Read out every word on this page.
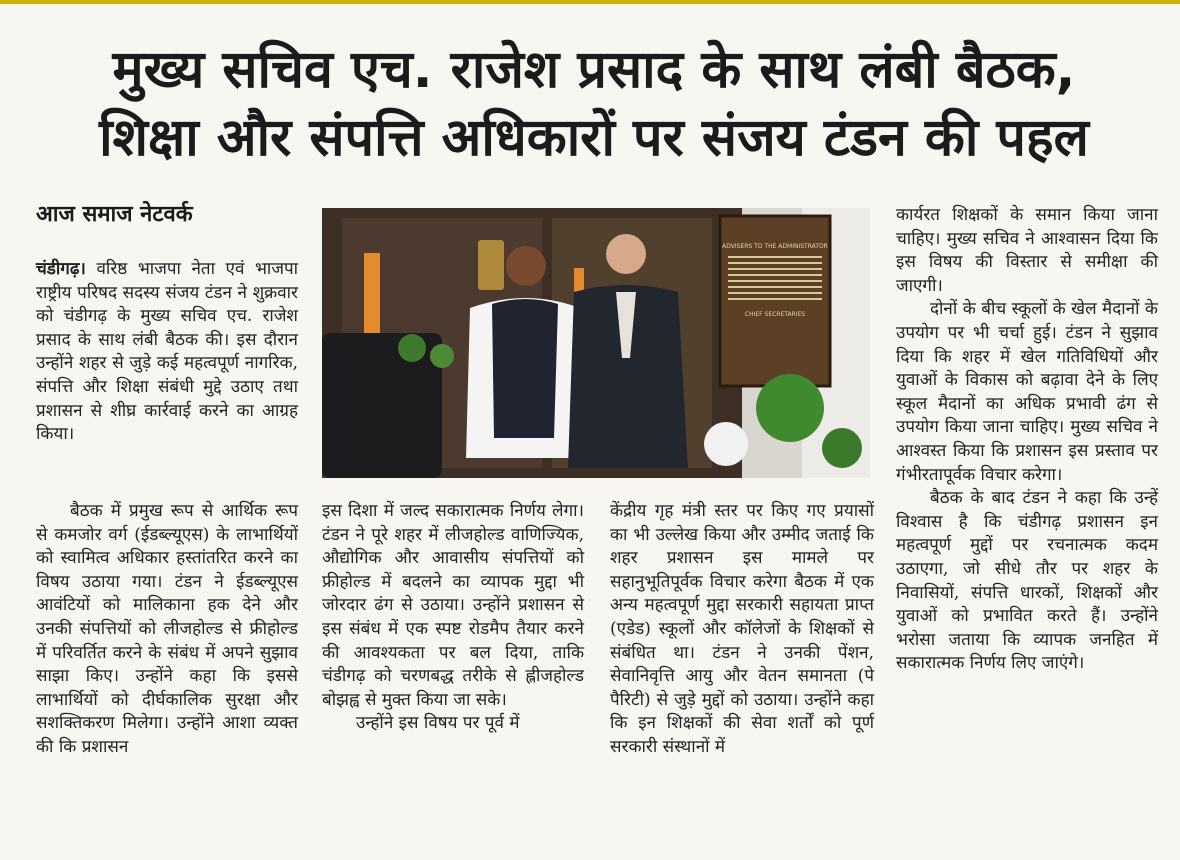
मुख्य सचिव एच. राजेश प्रसाद के साथ लंबी बैठक,
शिक्षा और संपत्ति अधिकारों पर संजय टंडन की पहल
आज समाज नेटवर्क
ADVISERS TO THE ADMINISTRATOR
CHIEF SECRETARIES

चंडीगढ़। वरिष्ठ भाजपा नेता एवं भाजपा राष्ट्रीय परिषद सदस्य संजय टंडन ने शुक्रवार को चंडीगढ़ के मुख्य सचिव एच. राजेश प्रसाद के साथ लंबी बैठक की। इस दौरान उन्होंने शहर से जुड़े कई महत्वपूर्ण नागरिक, संपत्ति और शिक्षा संबंधी मुद्दे उठाए तथा प्रशासन से शीघ्र कार्रवाई करने का आग्रह किया।

बैठक में प्रमुख रूप से आर्थिक रूप से कमजोर वर्ग (ईडब्ल्यूएस) के लाभार्थियों को स्वामित्व अधिकार हस्तांतरित करने का विषय उठाया गया। टंडन ने ईडब्ल्यूएस आवंटियों को मालिकाना हक देने और उनकी संपत्तियों को लीजहोल्ड से फ्रीहोल्ड में परिवर्तित करने के संबंध में अपने सुझाव साझा किए। उन्होंने कहा कि इससे लाभार्थियों को दीर्घकालिक सुरक्षा और सशक्तिकरण मिलेगा। उन्होंने आशा व्यक्त की कि प्रशासन

इस दिशा में जल्द सकारात्मक निर्णय लेगा। टंडन ने पूरे शहर में लीजहोल्ड वाणिज्यिक, औद्योगिक और आवासीय संपत्तियों को फ्रीहोल्ड में बदलने का व्यापक मुद्दा भी जोरदार ढंग से उठाया। उन्होंने प्रशासन से इस संबंध में एक स्पष्ट रोडमैप तैयार करने की आवश्यकता पर बल दिया, ताकि चंडीगढ़ को चरणबद्ध तरीके से ह्लीजहोल्ड बोझह्व से मुक्त किया जा सके।

उन्होंने इस विषय पर पूर्व में

केंद्रीय गृह मंत्री स्तर पर किए गए प्रयासों का भी उल्लेख किया और उम्मीद जताई कि शहर प्रशासन इस मामले पर सहानुभूतिपूर्वक विचार करेगा बैठक में एक अन्य महत्वपूर्ण मुद्दा सरकारी सहायता प्राप्त (एडेड) स्कूलों और कॉलेजों के शिक्षकों से संबंधित था। टंडन ने उनकी पेंशन, सेवानिवृत्ति आयु और वेतन समानता (पे पैरिटी) से जुड़े मुद्दों को उठाया। उन्होंने कहा कि इन शिक्षकों की सेवा शर्तों को पूर्ण सरकारी संस्थानों में

कार्यरत शिक्षकों के समान किया जाना चाहिए। मुख्य सचिव ने आश्वासन दिया कि इस विषय की विस्तार से समीक्षा की जाएगी।

दोनों के बीच स्कूलों के खेल मैदानों के उपयोग पर भी चर्चा हुई। टंडन ने सुझाव दिया कि शहर में खेल गतिविधियों और युवाओं के विकास को बढ़ावा देने के लिए स्कूल मैदानों का अधिक प्रभावी ढंग से उपयोग किया जाना चाहिए। मुख्य सचिव ने आश्वस्त किया कि प्रशासन इस प्रस्ताव पर गंभीरतापूर्वक विचार करेगा।

बैठक के बाद टंडन ने कहा कि उन्हें विश्वास है कि चंडीगढ़ प्रशासन इन महत्वपूर्ण मुद्दों पर रचनात्मक कदम उठाएगा, जो सीधे तौर पर शहर के निवासियों, संपत्ति धारकों, शिक्षकों और युवाओं को प्रभावित करते हैं। उन्होंने भरोसा जताया कि व्यापक जनहित में सकारात्मक निर्णय लिए जाएंगे।
